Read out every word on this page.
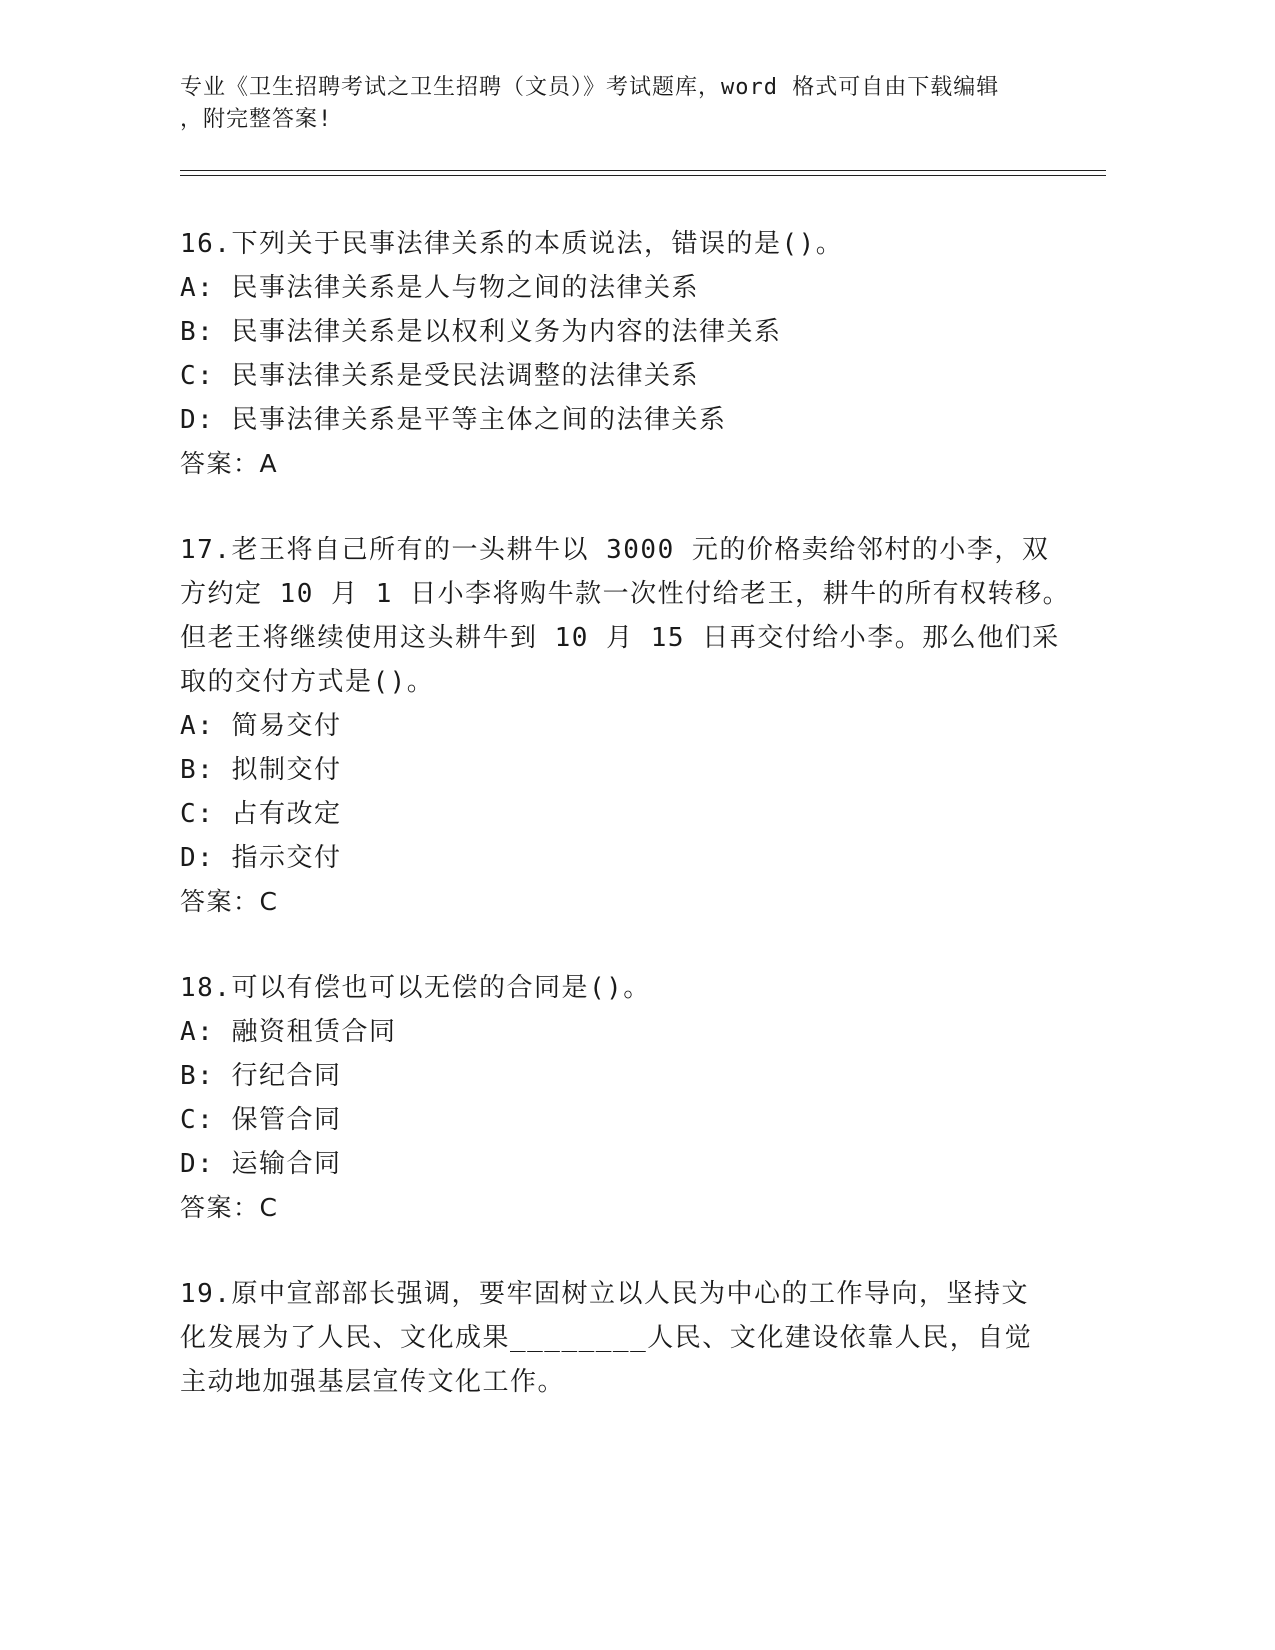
专业《卫生招聘考试之卫生招聘（文员）》考试题库，word 格式可自由下载编辑
，附完整答案!
16.下列关于民事法律关系的本质说法，错误的是()。
A: 民事法律关系是人与物之间的法律关系
B: 民事法律关系是以权利义务为内容的法律关系
C: 民事法律关系是受民法调整的法律关系
D: 民事法律关系是平等主体之间的法律关系
答案：A
17.老王将自己所有的一头耕牛以 3000 元的价格卖给邻村的小李，双
方约定 10 月 1 日小李将购牛款一次性付给老王，耕牛的所有权转移。
但老王将继续使用这头耕牛到 10 月 15 日再交付给小李。那么他们采
取的交付方式是()。
A: 简易交付
B: 拟制交付
C: 占有改定
D: 指示交付
答案：C
18.可以有偿也可以无偿的合同是()。
A: 融资租赁合同
B: 行纪合同
C: 保管合同
D: 运输合同
答案：C
19.原中宣部部长强调，要牢固树立以人民为中心的工作导向，坚持文
化发展为了人民、文化成果________人民、文化建设依靠人民，自觉
主动地加强基层宣传文化工作。
